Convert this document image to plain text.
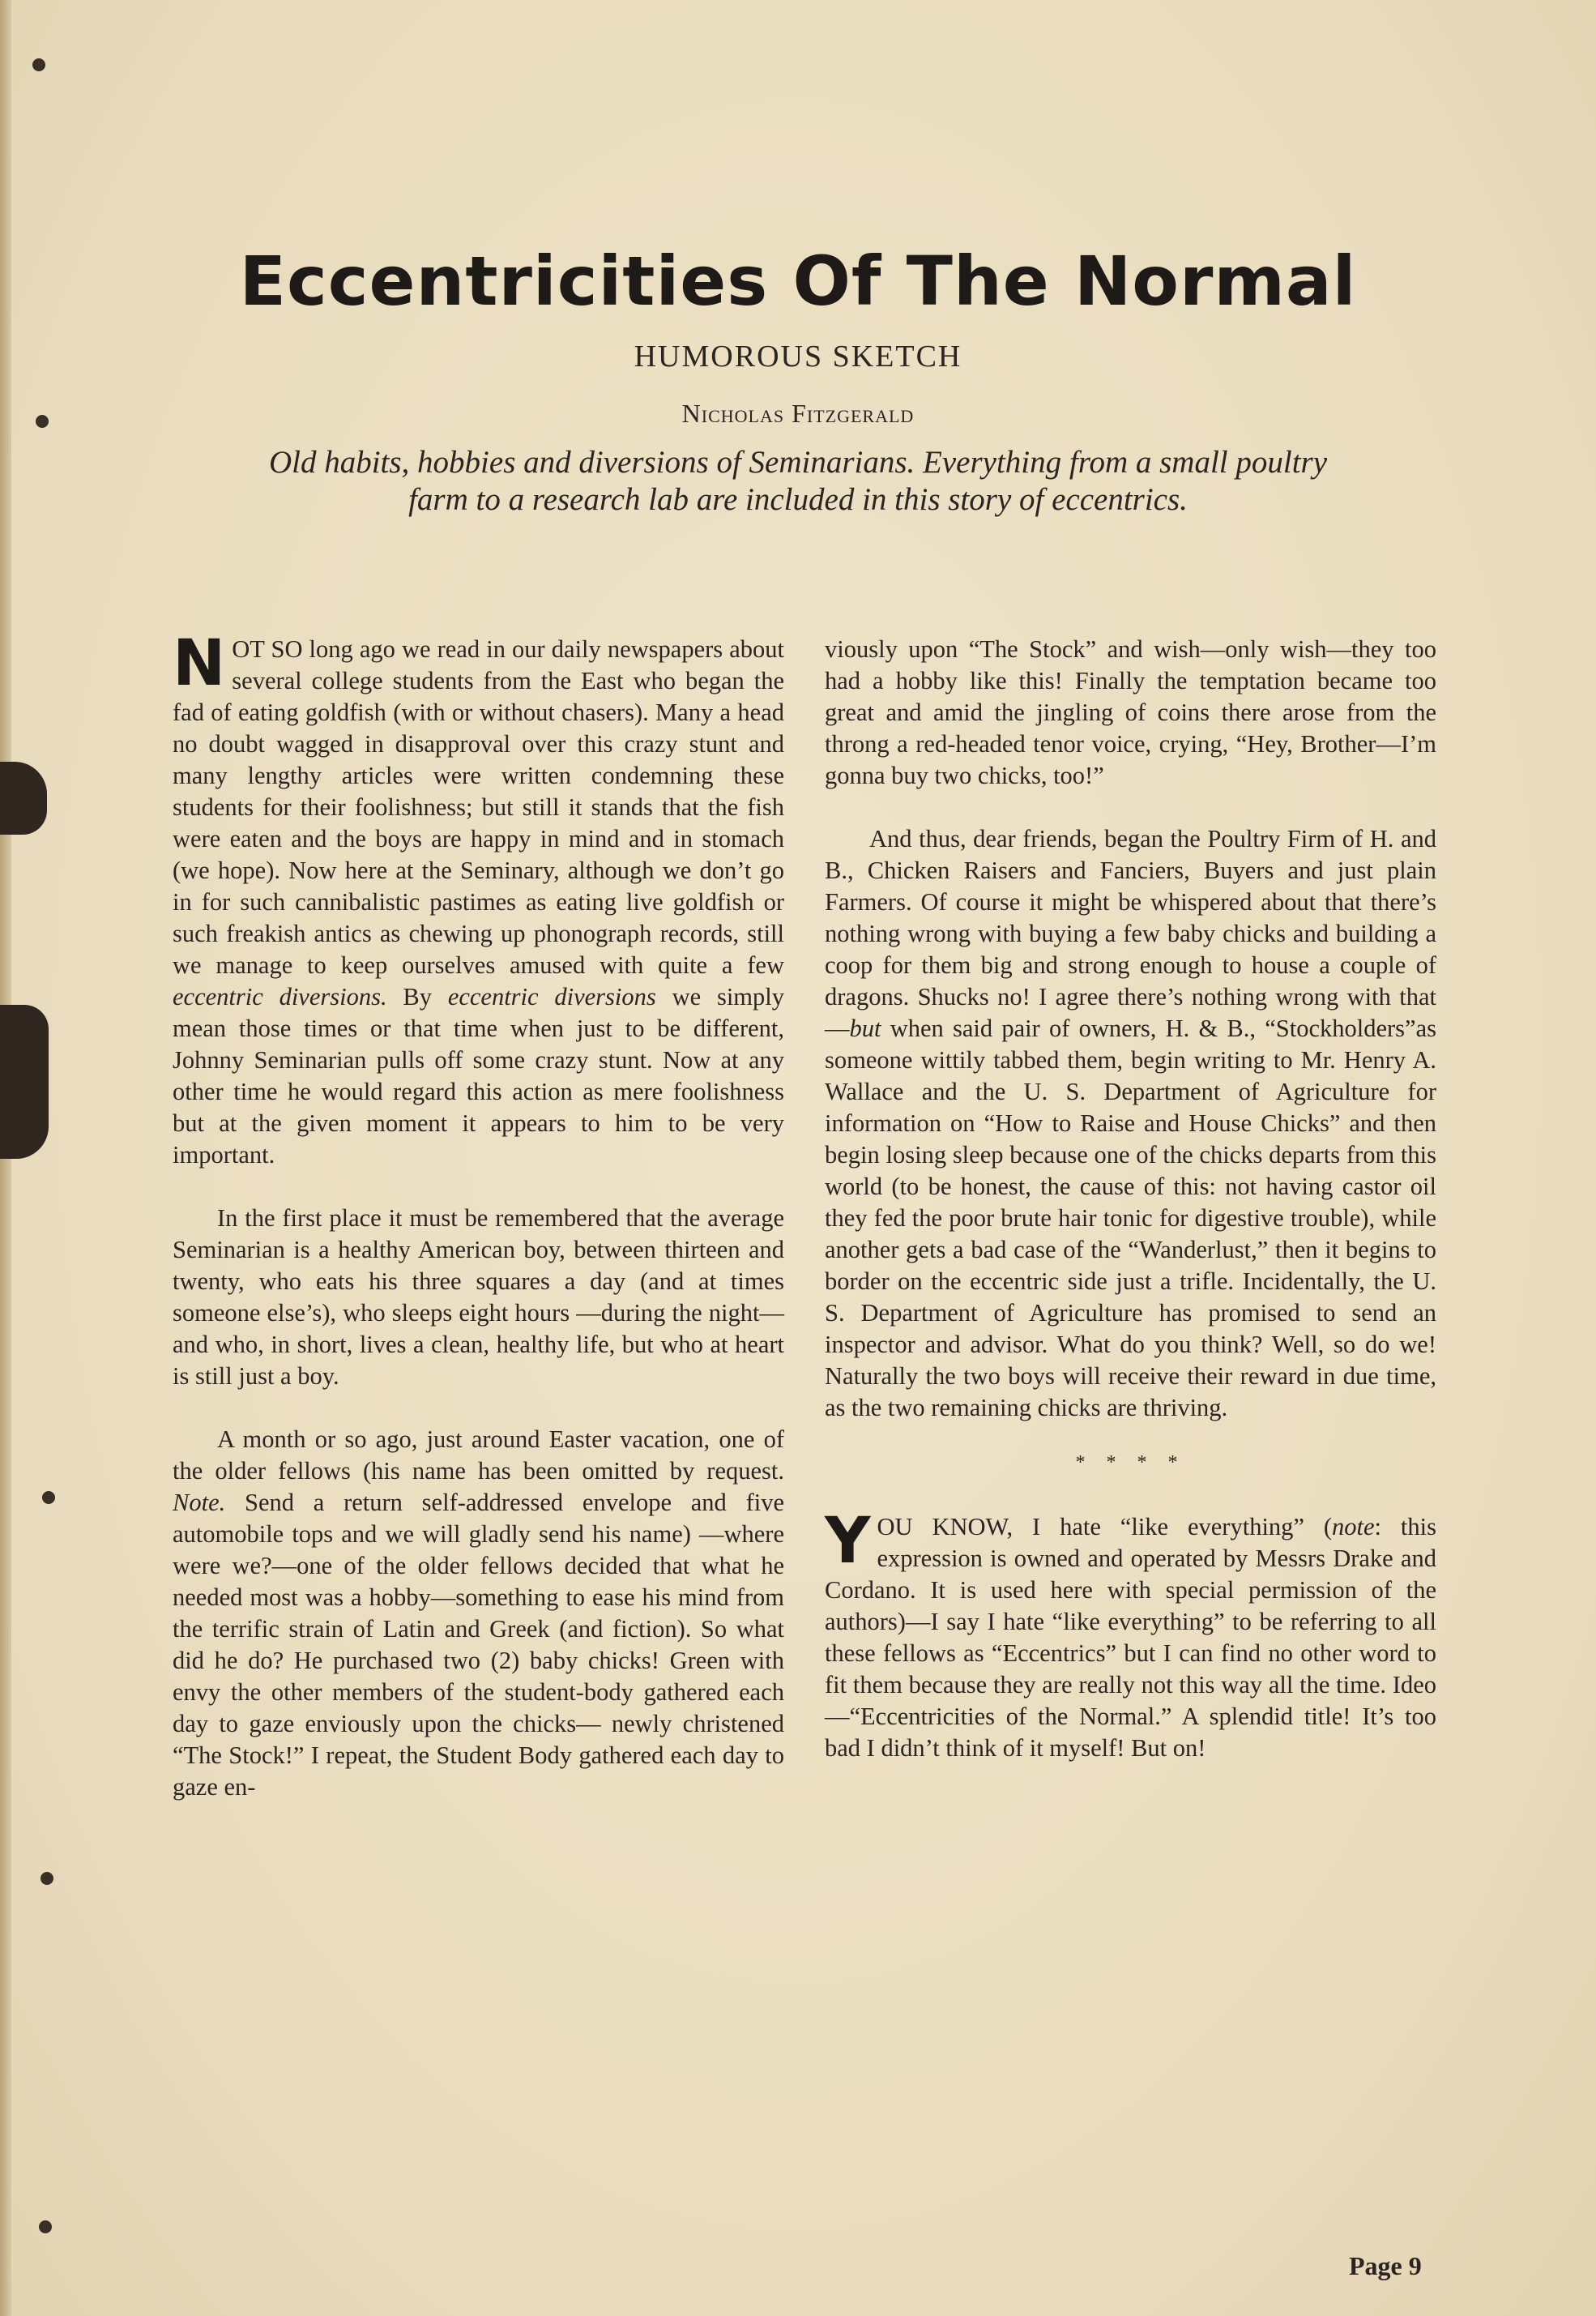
Eccentricities Of The Normal
HUMOROUS SKETCH
Nicholas Fitzgerald
Old habits, hobbies and diversions of Seminarians. Everything from a small poultry farm to a research lab are included in this story of eccentrics.

NOT SO long ago we read in our daily newspapers about several college students from the East who began the fad of eating goldfish (with or without chasers). Many a head no doubt wagged in disapproval over this crazy stunt and many lengthy articles were written condemning these students for their foolishness; but still it stands that the fish were eaten and the boys are happy in mind and in stomach (we hope). Now here at the Seminary, although we don’t go in for such cannibalistic pastimes as eating live goldfish or such freakish antics as chewing up phonograph records, still we manage to keep ourselves amused with quite a few eccentric diversions. By eccentric diversions we simply mean those times or that time when just to be different, Johnny Seminarian pulls off some crazy stunt. Now at any other time he would regard this action as mere foolishness but at the given moment it appears to him to be very important.

In the first place it must be remembered that the average Seminarian is a healthy American boy, between thirteen and twenty, who eats his three squares a day (and at times someone else’s), who sleeps eight hours —during the night—and who, in short, lives a clean, healthy life, but who at heart is still just a boy.

A month or so ago, just around Easter vacation, one of the older fellows (his name has been omitted by request. Note. Send a return self-addressed envelope and five automobile tops and we will gladly send his name) —where were we?—one of the older fellows decided that what he needed most was a hobby—something to ease his mind from the terrific strain of Latin and Greek (and fiction). So what did he do? He purchased two (2) baby chicks! Green with envy the other members of the student-body gathered each day to gaze enviously upon the chicks— newly christened “The Stock!” I repeat, the Student Body gathered each day to gaze en-

viously upon “The Stock” and wish—only wish—they too had a hobby like this! Finally the temptation became too great and amid the jingling of coins there arose from the throng a red-headed tenor voice, crying, “Hey, Brother—I’m gonna buy two chicks, too!”

And thus, dear friends, began the Poultry Firm of H. and B., Chicken Raisers and Fanciers, Buyers and just plain Farmers. Of course it might be whispered about that there’s nothing wrong with buying a few baby chicks and building a coop for them big and strong enough to house a couple of dragons. Shucks no! I agree there’s nothing wrong with that—but when said pair of owners, H. & B., “Stockholders”as someone wittily tabbed them, begin writing to Mr. Henry A. Wallace and the U. S. Department of Agriculture for information on “How to Raise and House Chicks” and then begin losing sleep because one of the chicks departs from this world (to be honest, the cause of this: not having castor oil they fed the poor brute hair tonic for digestive trouble), while another gets a bad case of the “Wanderlust,” then it begins to border on the eccentric side just a trifle. Incidentally, the U. S. Department of Agriculture has promised to send an inspector and advisor. What do you think? Well, so do we! Naturally the two boys will receive their reward in due time, as the two remaining chicks are thriving.

* * * *

YOU KNOW, I hate “like everything” (note: this expression is owned and operated by Messrs Drake and Cordano. It is used here with special permission of the authors)—I say I hate “like everything” to be referring to all these fellows as “Eccentrics” but I can find no other word to fit them because they are really not this way all the time. Ideo—“Eccentricities of the Normal.” A splendid title! It’s too bad I didn’t think of it myself! But on!

Page 9
